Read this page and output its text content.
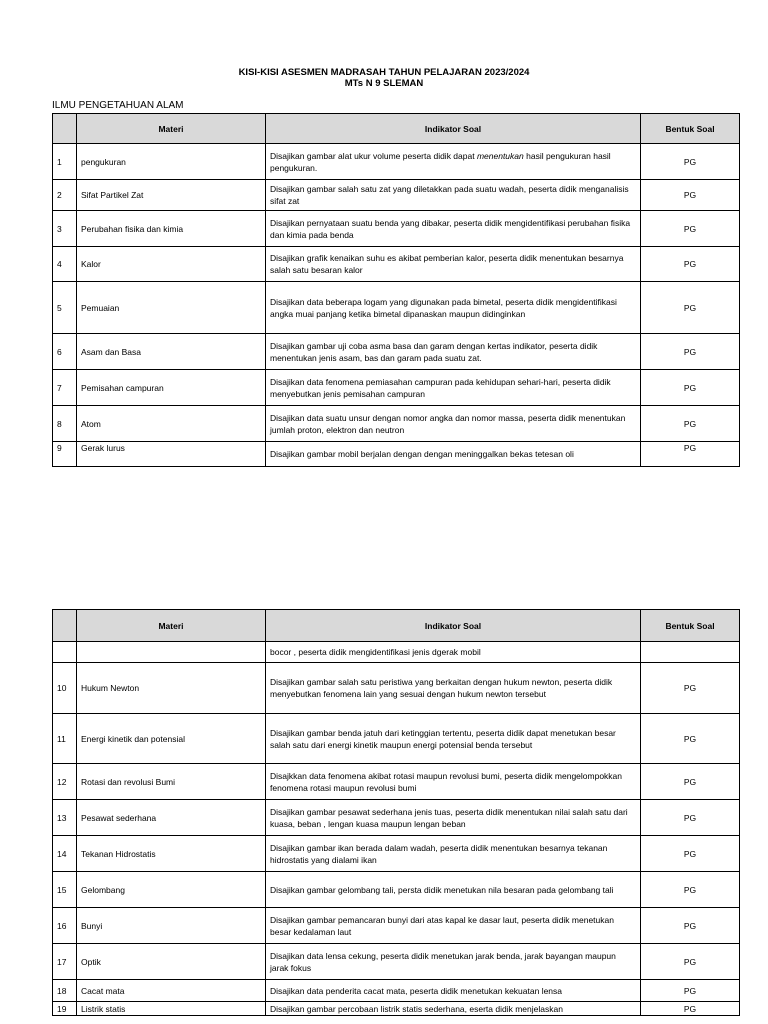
KISI-KISI ASESMEN MADRASAH TAHUN PELAJARAN 2023/2024
MTs N 9 SLEMAN
ILMU PENGETAHUAN ALAM
	Materi	Indikator Soal	Bentuk Soal
1	pengukuran	Disajikan gambar alat ukur volume peserta didik dapat menentukan hasil pengukuran hasil pengukuran.	PG
2	Sifat Partikel Zat	Disajikan gambar salah satu zat yang diletakkan pada suatu wadah, peserta didik menganalisis sifat zat	PG
3	Perubahan fisika dan kimia	Disajikan pernyataan suatu benda yang dibakar, peserta didik mengidentifikasi perubahan fisika dan kimia pada benda	PG
4	Kalor	Disajikan grafik kenaikan suhu es akibat pemberian kalor, peserta didik menentukan besarnya salah satu besaran kalor	PG
5	Pemuaian	Disajikan data beberapa logam yang digunakan pada bimetal, peserta didik mengidentifikasi angka muai panjang ketika bimetal dipanaskan maupun didinginkan	PG
6	Asam dan Basa	Disajikan gambar uji coba asma basa dan garam dengan kertas indikator, peserta didik menentukan jenis asam, bas dan garam pada suatu zat.	PG
7	Pemisahan campuran	Disajikan data fenomena pemiasahan campuran pada kehidupan sehari-hari, peserta didik menyebutkan jenis pemisahan campuran	PG
8	Atom	Disajikan data suatu unsur dengan nomor angka dan nomor massa, peserta didik menentukan jumlah proton, elektron dan neutron	PG
9	Gerak lurus	Disajikan gambar mobil berjalan dengan dengan meninggalkan bekas tetesan oli	PG
	Materi	Indikator Soal	Bentuk Soal
		bocor , peserta didik mengidentifikasi jenis dgerak mobil	
10	Hukum Newton	Disajikan gambar salah satu peristiwa yang berkaitan dengan hukum newton, peserta didik menyebutkan fenomena lain yang sesuai dengan hukum newton tersebut	PG
11	Energi kinetik dan potensial	Disajikan gambar benda jatuh dari ketinggian tertentu, peserta didik dapat menetukan besar salah satu dari energi kinetik maupun energi potensial benda tersebut	PG
12	Rotasi dan revolusi Bumi	Disajkkan data fenomena akibat rotasi maupun revolusi bumi, peserta didik mengelompokkan fenomena rotasi maupun revolusi bumi	PG
13	Pesawat sederhana	Disajikan gambar pesawat sederhana jenis tuas, peserta didik menentukan nilai salah satu dari kuasa, beban , lengan kuasa maupun lengan beban	PG
14	Tekanan Hidrostatis	Disajikan gambar ikan berada dalam wadah, peserta didik menentukan besarnya tekanan hidrostatis yang dialami ikan	PG
15	Gelombang	Disajikan gambar gelombang tali, persta didik menetukan nila besaran pada gelombang tali	PG
16	Bunyi	Disajikan gambar pemancaran bunyi dari atas kapal ke dasar laut, peserta didik menetukan besar kedalaman laut	PG
17	Optik	Disajikan data lensa cekung, peserta didik menetukan jarak benda, jarak bayangan maupun jarak fokus	PG
18	Cacat mata	Disajikan data penderita cacat mata, peserta didik menetukan kekuatan lensa	PG
19	Listrik statis	Disajikan gambar percobaan listrik statis sederhana, eserta didik menjelaskan	PG
